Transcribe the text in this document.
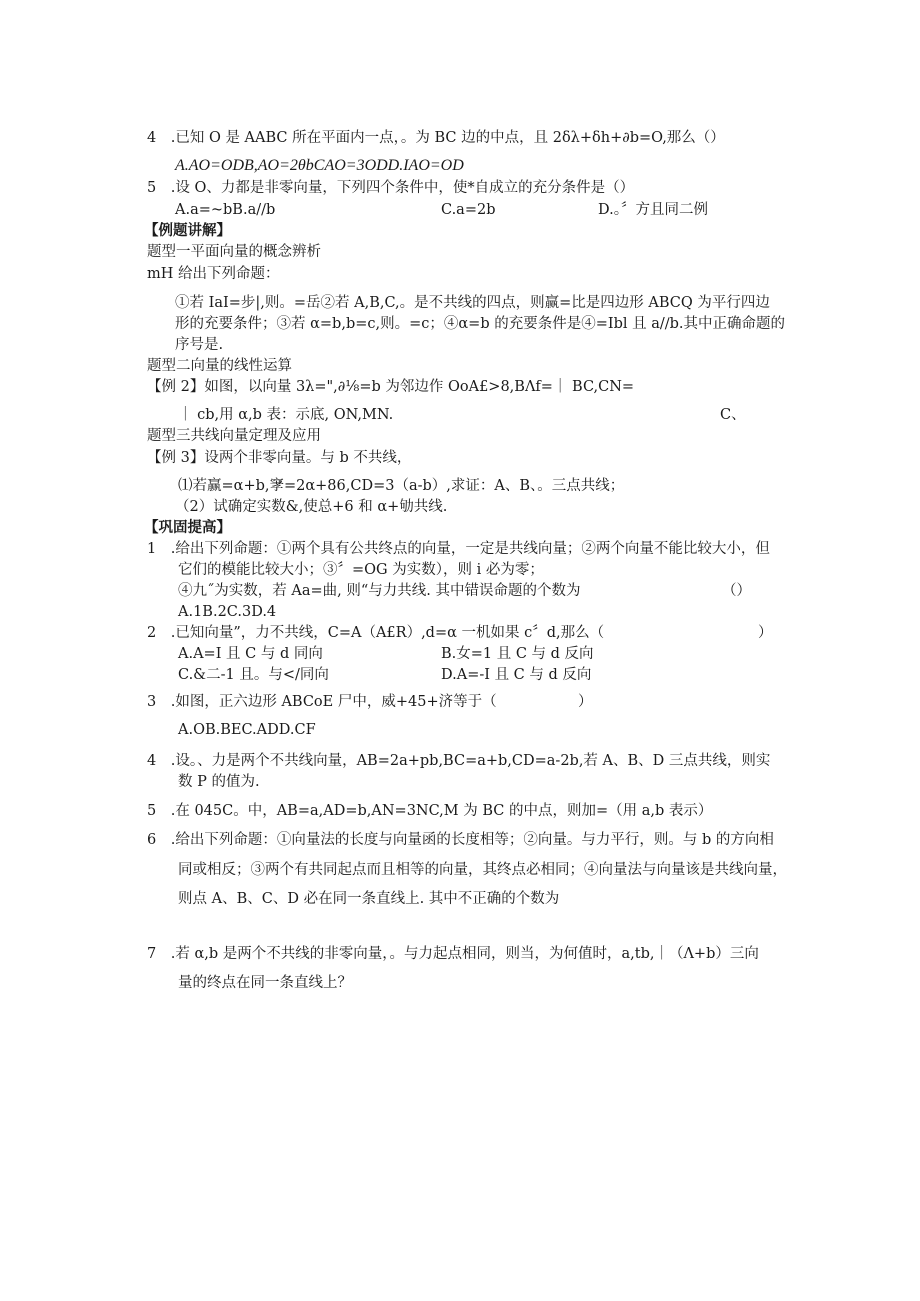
4　.已知 O 是 AABC 所在平面内一点，。为 BC 边的中点，且 2δλ+δh+∂b=O,那么（）
A.AO=ODB,AO=2θbCAO=3ODD.IAO=OD
5　.设 O、力都是非零向量，下列四个条件中，使*自成立的充分条件是（）
A.a=~bB.a/∕b	C.a=2b	D.。〞方且同二例
【例题讲解】
题型一平面向量的概念辨析
mH 给出下列命题：
①若 IaI=步|,则。=岳②若 A,B,C,。是不共线的四点，则赢=比是四边形 ABCQ 为平行四边
形的充要条件；③若 α=b,b=c,则。=c；④α=b 的充要条件是④=Ibl 且 a/∕b.其中正确命题的
序号是.
题型二向量的线性运算
【例 2】如图，以向量 3λ=",∂⅛=b 为邻边作 OoA£>8,BΛf=｜ BC,CN=
｜ cb,用 α,b 表：示底, ON,MN.	C、
题型三共线向量定理及应用
【例 3】设两个非零向量。与 b 不共线，
⑴若赢=α+b,窙=2α+86,CD=3（a-b）,求证：A、B、。三点共线；
（2）试确定实数&,使总+6 和 α+劬共线.
【巩固提高】
1　.给出下列命题：①两个具有公共终点的向量，一定是共线向量；②两个向量不能比较大小，但
它们的模能比较大小；③〞=OG 为实数），则 i 必为零；
④九˝为实数，若 Aa=曲, 则“与力共线. 其中错误命题的个数为	（）
A.1B.2C.3D.4
2　.已知向量”，力不共线，C=A（A£R）,d=α 一机如果 c〞d,那么（	）
A.A=I 且 C 与 d 同向	B.女=1 且 C 与 d 反向
C.&二-1 且。与</同向	D.A=-I 且 C 与 d 反向
3　.如图，正六边形 ABCoE 尸中，威+45+济等于（	）
A.OB.BEC.ADD.CF
4　.设。、力是两个不共线向量，AB=2a+pb,BC=a+b,CD=a-2b,若 A、B、D 三点共线，则实
数 P 的值为.
5　.在 045C。中，AB=a,AD=b,AN=3NC,M 为 BC 的中点，则加=（用 a,b 表示）
6　.给出下列命题：①向量法的长度与向量函的长度相等；②向量。与力平行，则。与 b 的方向相
同或相反；③两个有共同起点而且相等的向量，其终点必相同；④向量法与向量该是共线向量，
则点 A、B、C、D 必在同一条直线上. 其中不正确的个数为
7　.若 α,b 是两个不共线的非零向量，。与力起点相同，则当，为何值时，a,tb,｜（Λ+b）三向
量的终点在同一条直线上？
